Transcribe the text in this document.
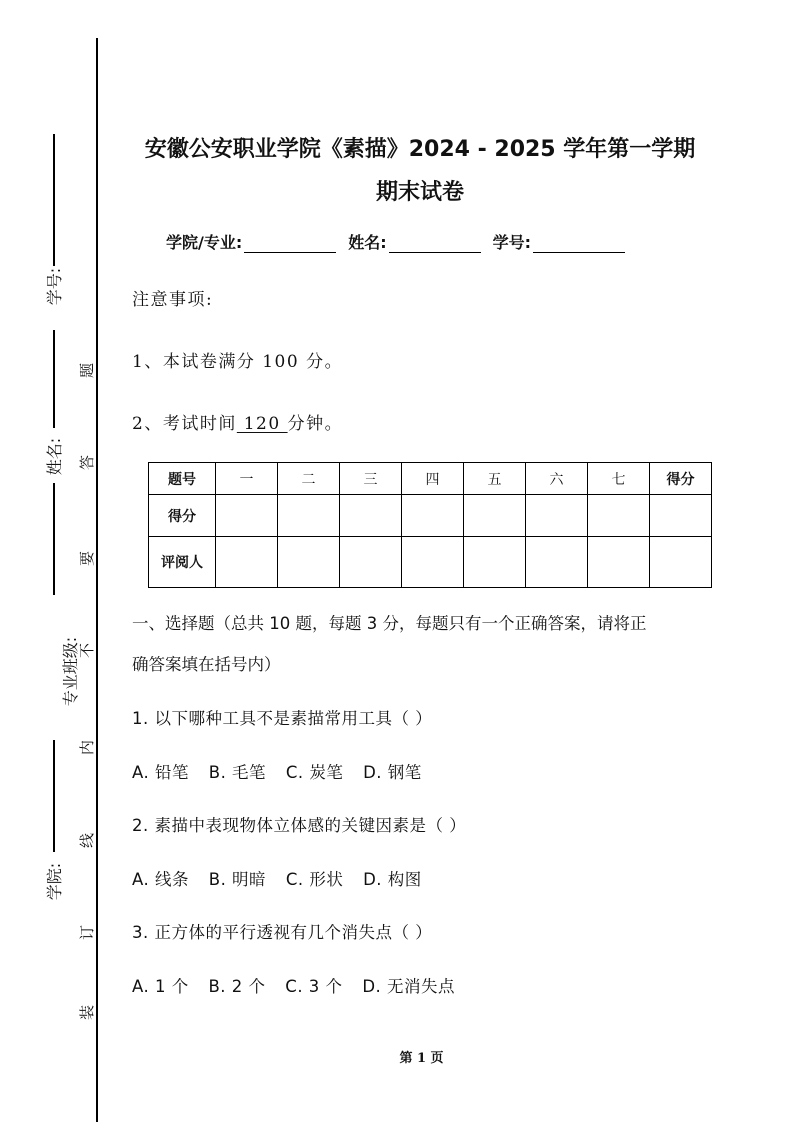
学号:
姓名:
专业班级:
学院:
题
答
要
不
内
线
订
装
安徽公安职业学院《素描》2024 - 2025 学年第一学期
期末试卷
学院/专业:	姓名:	学号:
注意事项:
1、本试卷满分 100 分。
2、考试时间 120 分钟。
题号	一	二	三	四	五	六	七	得分
得分								
评阅人								
一、选择题（总共 10 题，每题 3 分，每题只有一个正确答案，请将正
确答案填在括号内）
1. 以下哪种工具不是素描常用工具（ ）
A. 铅笔 B. 毛笔 C. 炭笔 D. 钢笔
2. 素描中表现物体立体感的关键因素是（ ）
A. 线条 B. 明暗 C. 形状 D. 构图
3. 正方体的平行透视有几个消失点（ ）
A. 1 个 B. 2 个 C. 3 个 D. 无消失点
第 1 页
